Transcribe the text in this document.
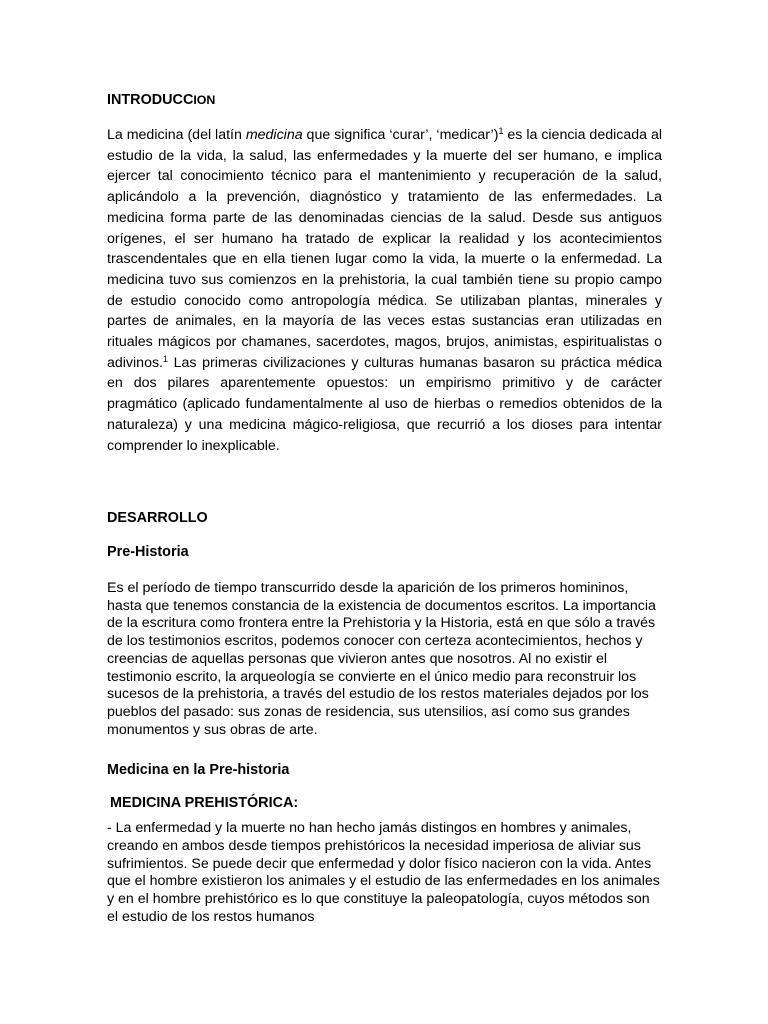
INTRODUCCION

La medicina (del latín medicina que significa ‘curar’, ‘medicar’)$^1$ es la ciencia dedicada al estudio de la vida, la salud, las enfermedades y la muerte del ser humano, e implica ejercer tal conocimiento técnico para el mantenimiento y recuperación de la salud, aplicándolo a la prevención, diagnóstico y tratamiento de las enfermedades. La medicina forma parte de las denominadas ciencias de la salud. Desde sus antiguos orígenes, el ser humano ha tratado de explicar la realidad y los acontecimientos trascendentales que en ella tienen lugar como la vida, la muerte o la enfermedad. La medicina tuvo sus comienzos en la prehistoria, la cual también tiene su propio campo de estudio conocido como antropología médica. Se utilizaban plantas, minerales y partes de animales, en la mayoría de las veces estas sustancias eran utilizadas en rituales mágicos por chamanes, sacerdotes, magos, brujos, animistas, espiritualistas o adivinos.$^1$ Las primeras civilizaciones y culturas humanas basaron su práctica médica en dos pilares aparentemente opuestos: un empirismo primitivo y de carácter pragmático (aplicado fundamentalmente al uso de hierbas o remedios obtenidos de la naturaleza) y una medicina mágico-religiosa, que recurrió a los dioses para intentar comprender lo inexplicable.

DESARROLLO
Pre-Historia

Es el período de tiempo transcurrido desde la aparición de los primeros homininos, hasta que tenemos constancia de la existencia de documentos escritos. La importancia de la escritura como frontera entre la Prehistoria y la Historia, está en que sólo a través de los testimonios escritos, podemos conocer con certeza acontecimientos, hechos y creencias de aquellas personas que vivieron antes que nosotros. Al no existir el testimonio escrito, la arqueología se convierte en el único medio para reconstruir los sucesos de la prehistoria, a través del estudio de los restos materiales dejados por los pueblos del pasado: sus zonas de residencia, sus utensilios, así como sus grandes monumentos y sus obras de arte.

Medicina en la Pre-historia
MEDICINA PREHISTÓRICA:

- La enfermedad y la muerte no han hecho jamás distingos en hombres y animales, creando en ambos desde tiempos prehistóricos la necesidad imperiosa de aliviar sus sufrimientos. Se puede decir que enfermedad y dolor físico nacieron con la vida. Antes que el hombre existieron los animales y el estudio de las enfermedades en los animales y en el hombre prehistórico es lo que constituye la paleopatología, cuyos métodos son el estudio de los restos humanos
